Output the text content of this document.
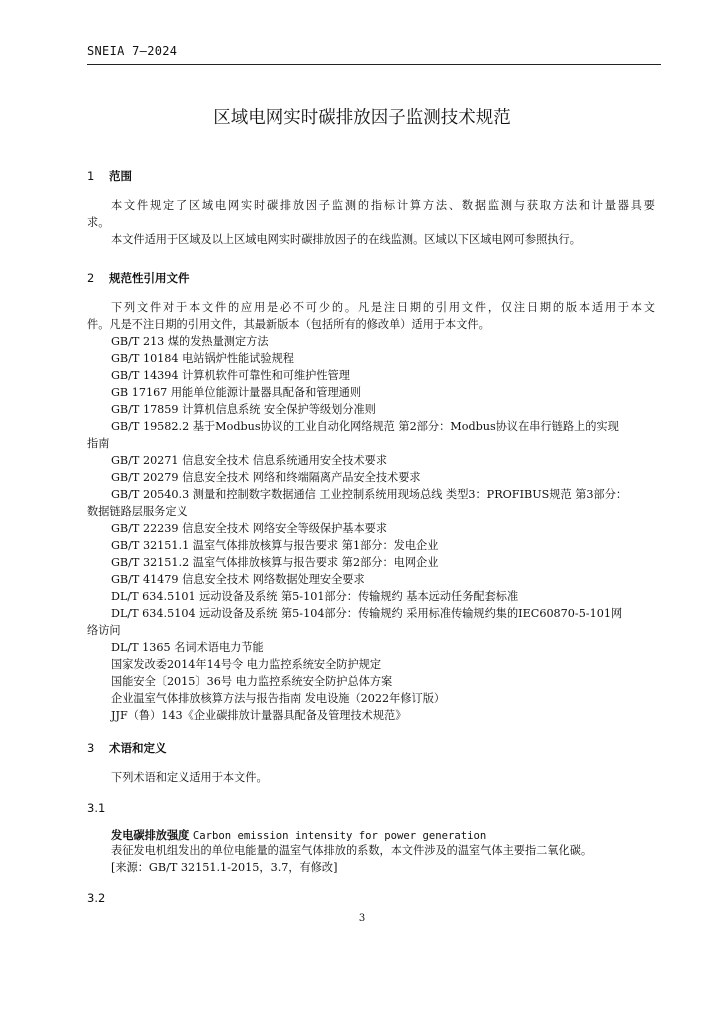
SNEIA 7—2024
区域电网实时碳排放因子监测技术规范
1 范围
本文件规定了区域电网实时碳排放因子监测的指标计算方法、数据监测与获取方法和计量器具要
求。
本文件适用于区域及以上区域电网实时碳排放因子的在线监测。区域以下区域电网可参照执行。
2 规范性引用文件
下列文件对于本文件的应用是必不可少的。凡是注日期的引用文件，仅注日期的版本适用于本文
件。凡是不注日期的引用文件，其最新版本（包括所有的修改单）适用于本文件。
GB/T 213 煤的发热量测定方法
GB/T 10184 电站锅炉性能试验规程
GB/T 14394 计算机软件可靠性和可维护性管理
GB 17167 用能单位能源计量器具配备和管理通则
GB/T 17859 计算机信息系统 安全保护等级划分准则
GB/T 19582.2 基于Modbus协议的工业自动化网络规范 第2部分：Modbus协议在串行链路上的实现
指南
GB/T 20271 信息安全技术 信息系统通用安全技术要求
GB/T 20279 信息安全技术 网络和终端隔离产品安全技术要求
GB/T 20540.3 测量和控制数字数据通信 工业控制系统用现场总线 类型3：PROFIBUS规范 第3部分：
数据链路层服务定义
GB/T 22239 信息安全技术 网络安全等级保护基本要求
GB/T 32151.1 温室气体排放核算与报告要求 第1部分：发电企业
GB/T 32151.2 温室气体排放核算与报告要求 第2部分：电网企业
GB/T 41479 信息安全技术 网络数据处理安全要求
DL/T 634.5101 远动设备及系统 第5-101部分：传输规约 基本远动任务配套标准
DL/T 634.5104 远动设备及系统 第5-104部分：传输规约 采用标准传输规约集的IEC60870-5-101网
络访问
DL/T 1365 名词术语电力节能
国家发改委2014年14号令 电力监控系统安全防护规定
国能安全〔2015〕36号 电力监控系统安全防护总体方案
企业温室气体排放核算方法与报告指南 发电设施（2022年修订版）
JJF（鲁）143《企业碳排放计量器具配备及管理技术规范》
3 术语和定义
下列术语和定义适用于本文件。
3.1
发电碳排放强度 Carbon emission intensity for power generation
表征发电机组发出的单位电能量的温室气体排放的系数，本文件涉及的温室气体主要指二氧化碳。
[来源：GB/T 32151.1-2015，3.7，有修改]
3.2
3
